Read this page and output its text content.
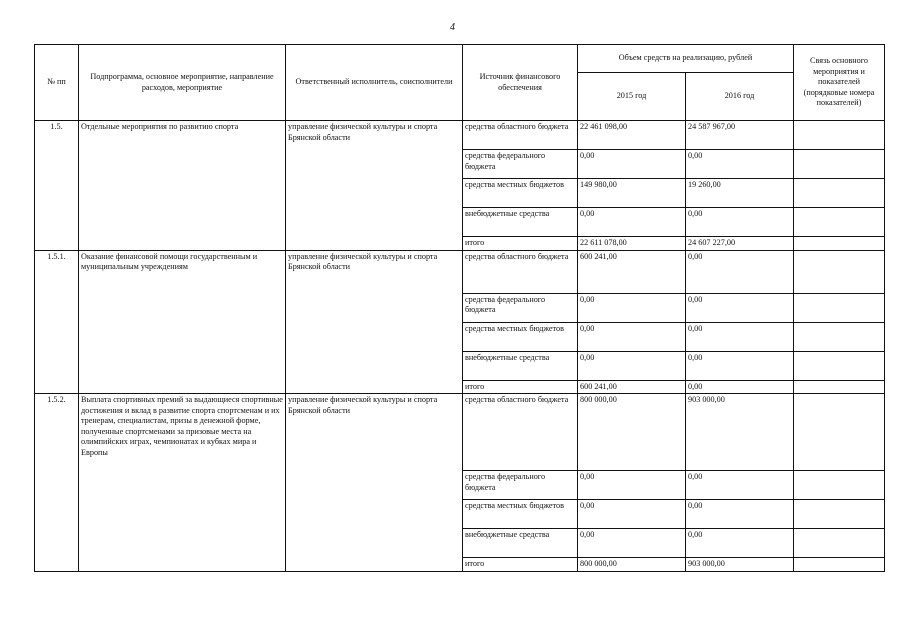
4
№ пп	Подпрограмма, основное мероприятие, направление расходов, мероприятие	Ответственный исполнитель, соисполнители	Источник финансового обеспечения	Объем средств на реализацию, рублей		Связь основного мероприятия и показателей (порядковые номера показателей)
				2015 год	2016 год	
1.5.	Отдельные мероприятия по развитию спорта	управление физической культуры и спорта Брянской области	средства областного бюджета	22 461 098,00	24 587 967,00	
			средства федерального бюджета	0,00	0,00	
			средства местных бюджетов	149 980,00	19 260,00	
			внебюджетные средства	0,00	0,00	
			итого	22 611 078,00	24 607 227,00	
1.5.1.	Оказание финансовой помощи государственным и муниципальным учреждениям	управление физической культуры и спорта Брянской области	средства областного бюджета	600 241,00	0,00	
			средства федерального бюджета	0,00	0,00	
			средства местных бюджетов	0,00	0,00	
			внебюджетные средства	0,00	0,00	
			итого	600 241,00	0,00	
1.5.2.	Выплата спортивных премий за выдающиеся спортивные достижения и вклад в развитие спорта спортсменам и их тренерам, специалистам, призы в денежной форме, полученные спортсменами за призовые места на олимпийских играх, чемпионатах и кубках мира и Европы	управление физической культуры и спорта Брянской области	средства областного бюджета	800 000,00	903 000,00	
			средства федерального бюджета	0,00	0,00	
			средства местных бюджетов	0,00	0,00	
			внебюджетные средства	0,00	0,00	
			итого	800 000,00	903 000,00	
